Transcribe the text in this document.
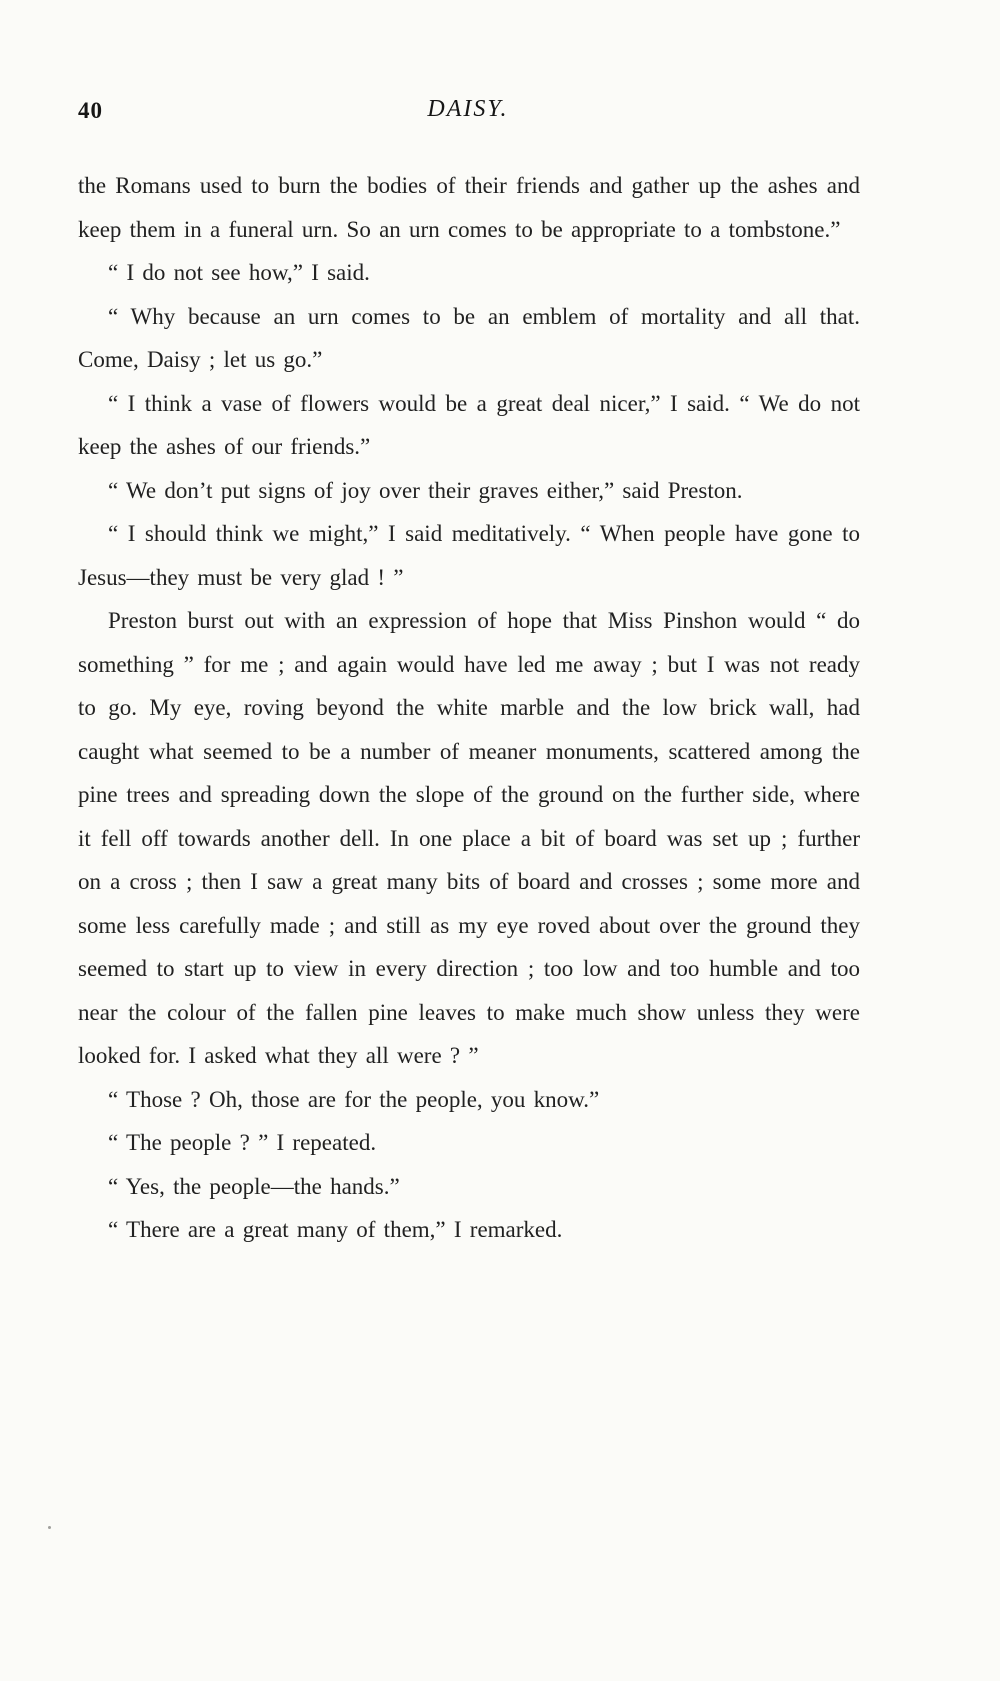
40	DAISY.

the Romans used to burn the bodies of their friends and gather up the ashes and keep them in a funeral urn. So an urn comes to be appropriate to a tombstone.”

“ I do not see how,” I said.

“ Why because an urn comes to be an emblem of mortality and all that. Come, Daisy ; let us go.”

“ I think a vase of flowers would be a great deal nicer,” I said. “ We do not keep the ashes of our friends.”

“ We don’t put signs of joy over their graves either,” said Preston.

“ I should think we might,” I said meditatively. “ When people have gone to Jesus—they must be very glad ! ”

Preston burst out with an expression of hope that Miss Pinshon would “ do something ” for me ; and again would have led me away ; but I was not ready to go. My eye, roving beyond the white marble and the low brick wall, had caught what seemed to be a number of meaner monuments, scattered among the pine trees and spreading down the slope of the ground on the further side, where it fell off towards another dell. In one place a bit of board was set up ; further on a cross ; then I saw a great many bits of board and crosses ; some more and some less carefully made ; and still as my eye roved about over the ground they seemed to start up to view in every direction ; too low and too humble and too near the colour of the fallen pine leaves to make much show unless they were looked for. I asked what they all were ? ”

“ Those ? Oh, those are for the people, you know.”

“ The people ? ” I repeated.

“ Yes, the people—the hands.”

“ There are a great many of them,” I remarked.
